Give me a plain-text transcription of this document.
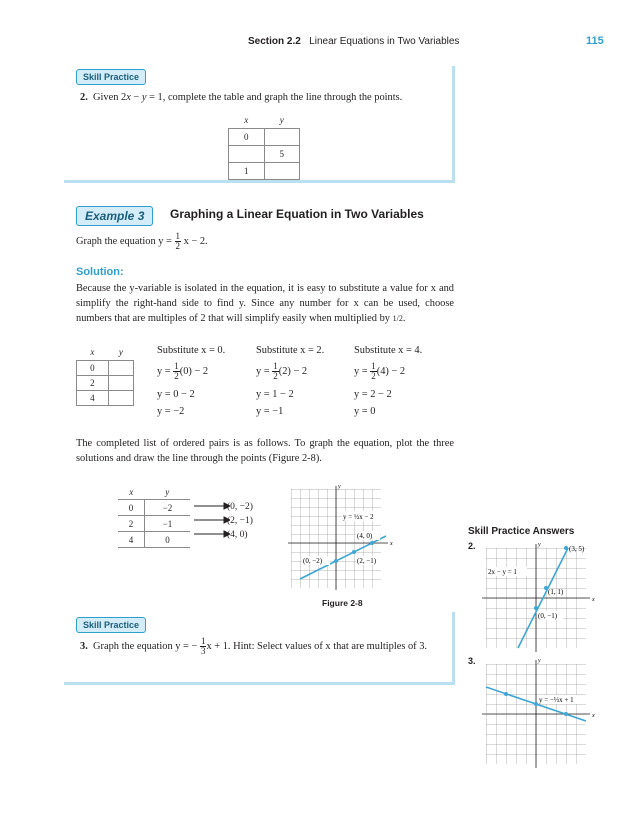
Section 2.2 Linear Equations in Two Variables	115
Skill Practice
2. Given 2x − y = 1, complete the table and graph the line through the points.
x	y
0	
	5
1	
Example 3	Graphing a Linear Equation in Two Variables
Graph the equation $y = \frac{1}{2}$ x − 2.
Solution:
Because the y-variable is isolated in the equation, it is easy to substitute a value for x and simplify the right-hand side to find y. Since any number for x can be used, choose numbers that are multiples of 2 that will simplify easily when multiplied by 1/2.
x	y
0	
2	
4	
Substitute x = 0.
$y = \frac{1}{2} (0) - 2$
y = 0 − 2
y = −2
Substitute x = 2.
$y = \frac{1}{2} (2) - 2$
y = 1 − 2
y = −1
Substitute x = 4.
$y = \frac{1}{2} (4) - 2$
y = 2 − 2
y = 0
The completed list of ordered pairs is as follows. To graph the equation, plot the three solutions and draw the line through the points (Figure 2-8).
x	y
0	−2
2	−1
4	0
(0, −2)
(2, −1)
(4, 0)
x
y
y = ½x − 2
(4, 0)
(0, −2)	(2, −1)
Figure 2-8
Skill Practice
3. Graph the equation y = − $\frac{1}{3}$ x + 1. Hint: Select values of x that are multiples of 3.
Skill Practice Answers
2.
x
y
2x − y = 1
(3, 5)
(1, 1)
(0, −1)
3.
x
y
y = −⅓x + 1
